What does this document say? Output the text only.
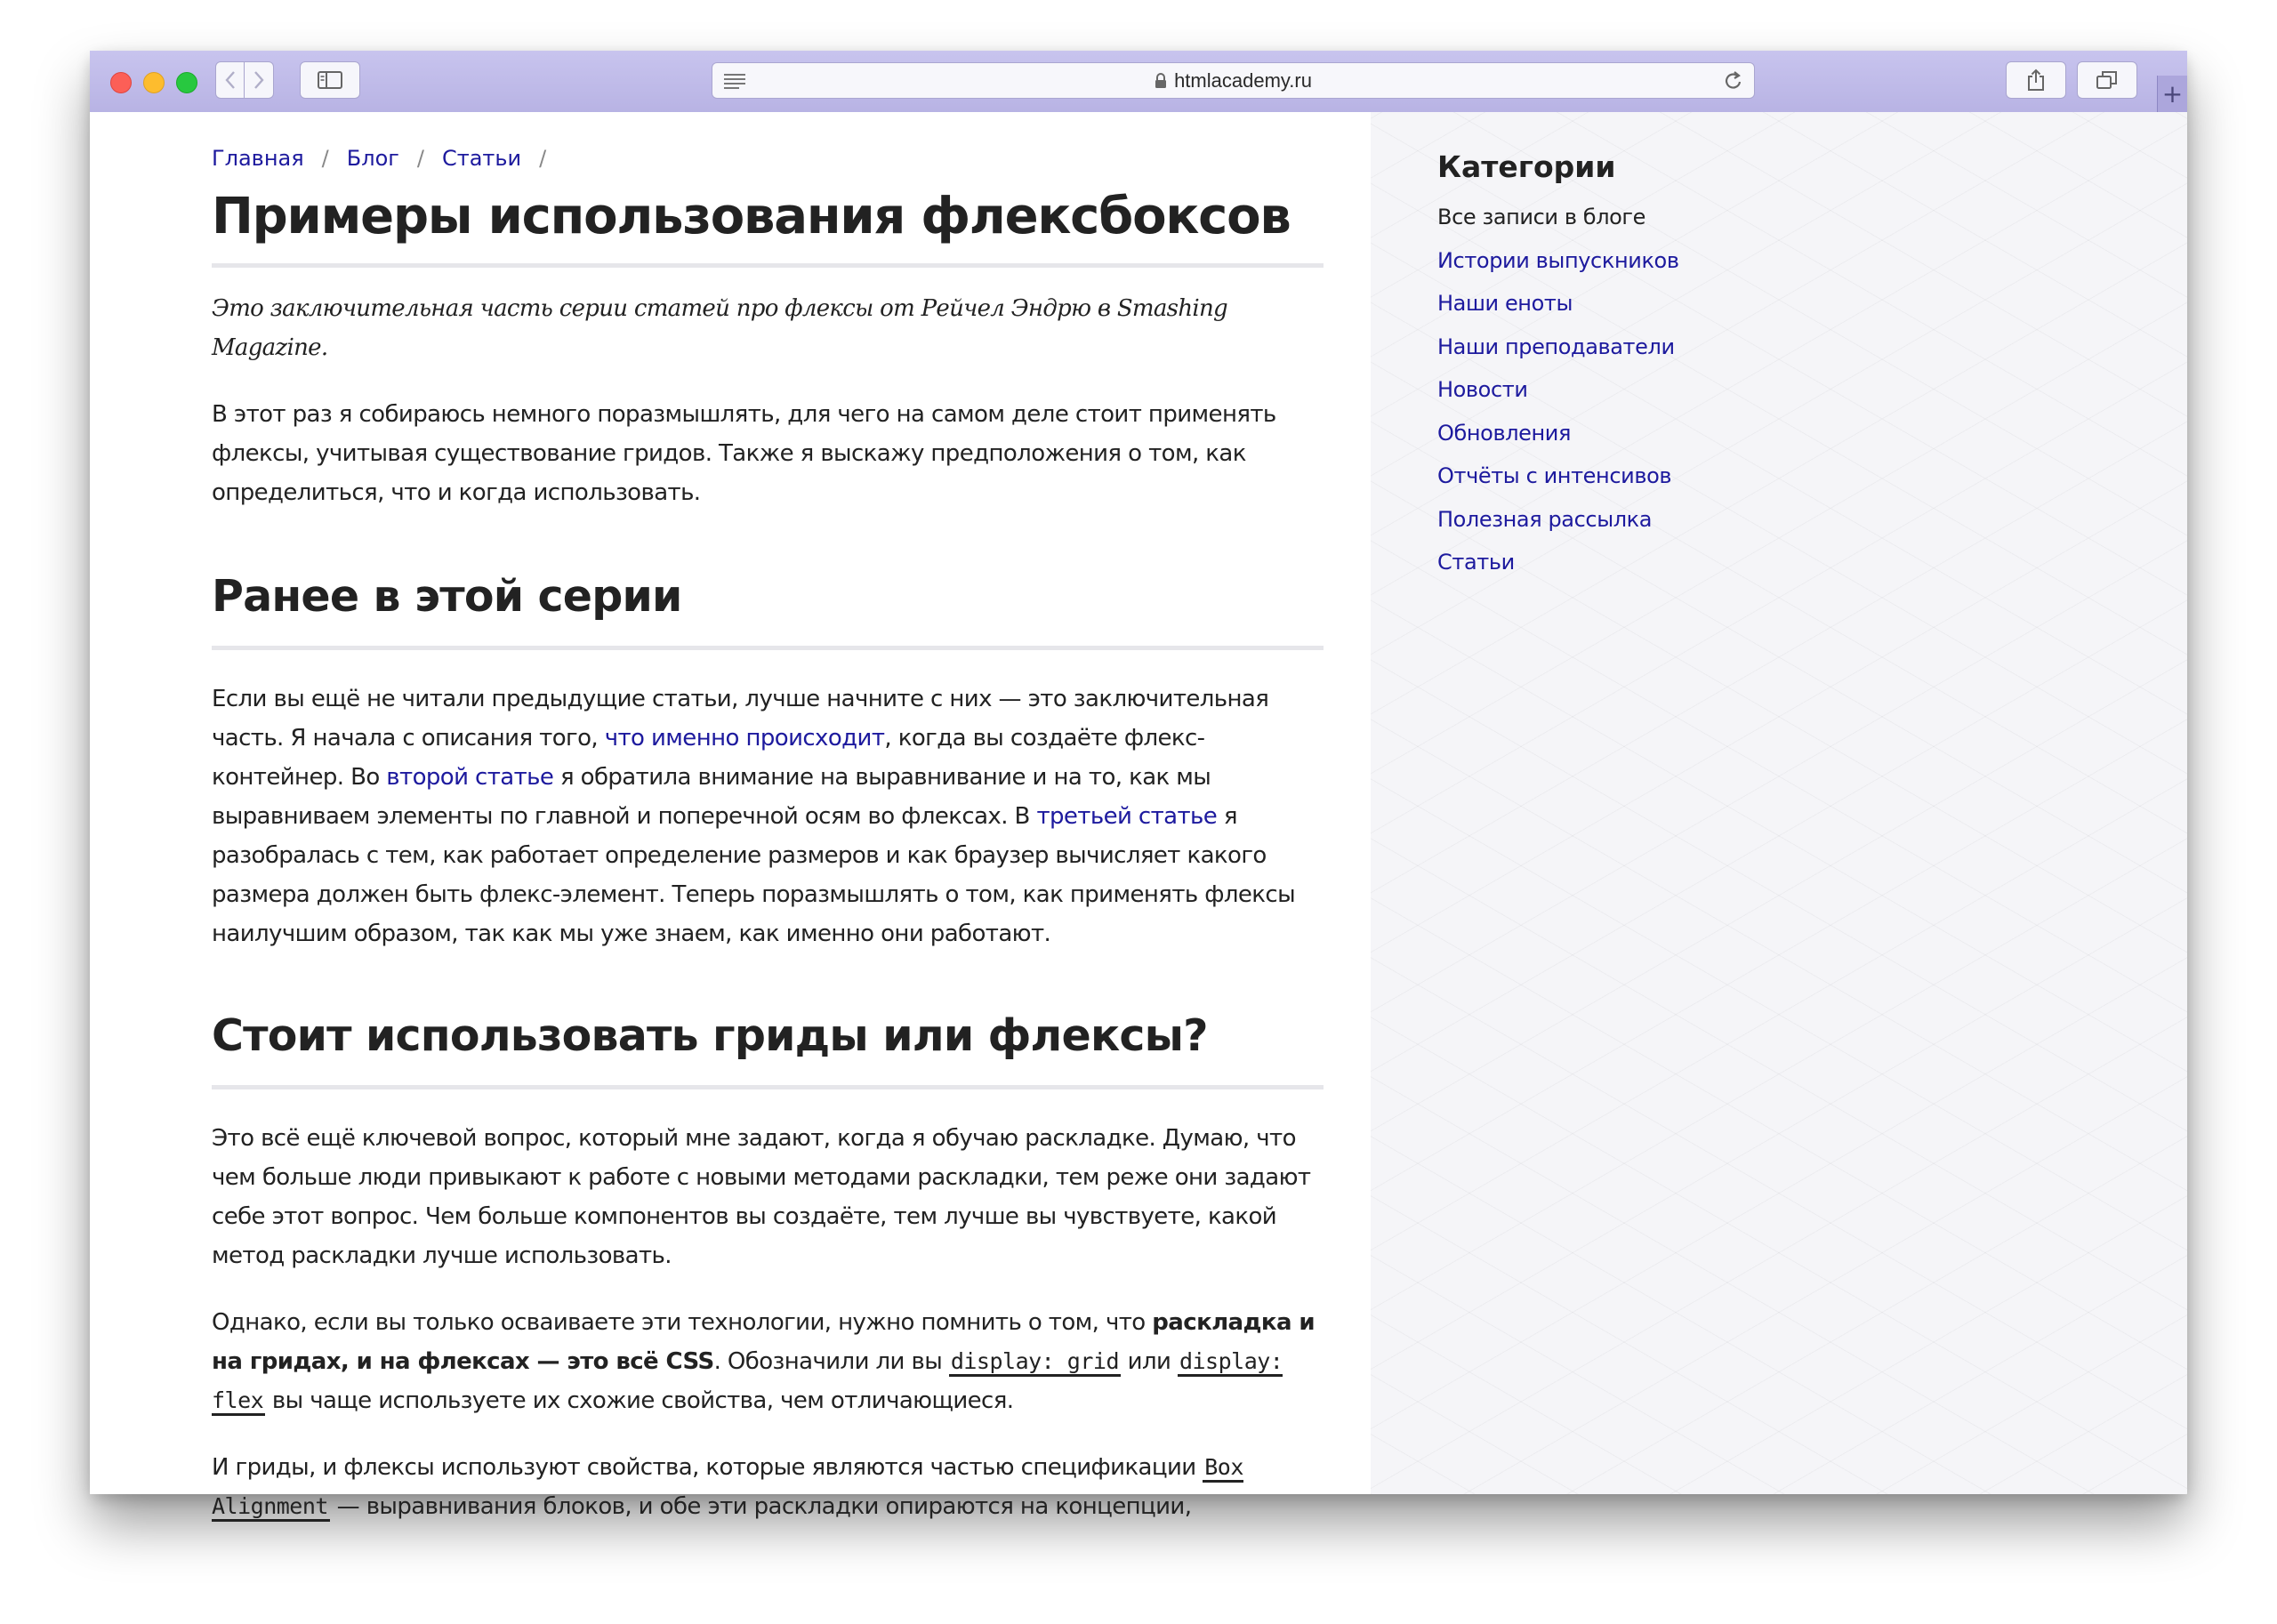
htmlacademy.ru	+
Главная / Блог / Статьи /
Примеры использования флексбоксов

Это заключительная часть серии статей про флексы от Рейчел Эндрю в Smashing Magazine.

В этот раз я собираюсь немного поразмышлять, для чего на самом деле стоит применять флексы, учитывая существование гридов. Также я выскажу предположения о том, как определиться, что и когда использовать.

Ранее в этой серии

Если вы ещё не читали предыдущие статьи, лучше начните с них — это заключительная часть. Я начала с описания того, что именно происходит, когда вы создаёте флекс-контейнер. Во второй статье я обратила внимание на выравнивание и на то, как мы выравниваем элементы по главной и поперечной осям во флексах. В третьей статье я разобралась с тем, как работает определение размеров и как браузер вычисляет какого размера должен быть флекс-элемент. Теперь поразмышлять о том, как применять флексы наилучшим образом, так как мы уже знаем, как именно они работают.

Стоит использовать гриды или флексы?

Это всё ещё ключевой вопрос, который мне задают, когда я обучаю раскладке. Думаю, что чем больше люди привыкают к работе с новыми методами раскладки, тем реже они задают себе этот вопрос. Чем больше компонентов вы создаёте, тем лучше вы чувствуете, какой метод раскладки лучше использовать.

Однако, если вы только осваиваете эти технологии, нужно помнить о том, что раскладка и на гридах, и на флексах — это всё CSS. Обозначили ли вы display: grid или display: flex вы чаще используете их схожие свойства, чем отличающиеся.

И гриды, и флексы используют свойства, которые являются частью спецификации Box Alignment — выравнивания блоков, и обе эти раскладки опираются на концепции,

Категории
Все записи в блоге
Истории выпускников
Наши еноты
Наши преподаватели
Новости
Обновления
Отчёты с интенсивов
Полезная рассылка
Статьи
